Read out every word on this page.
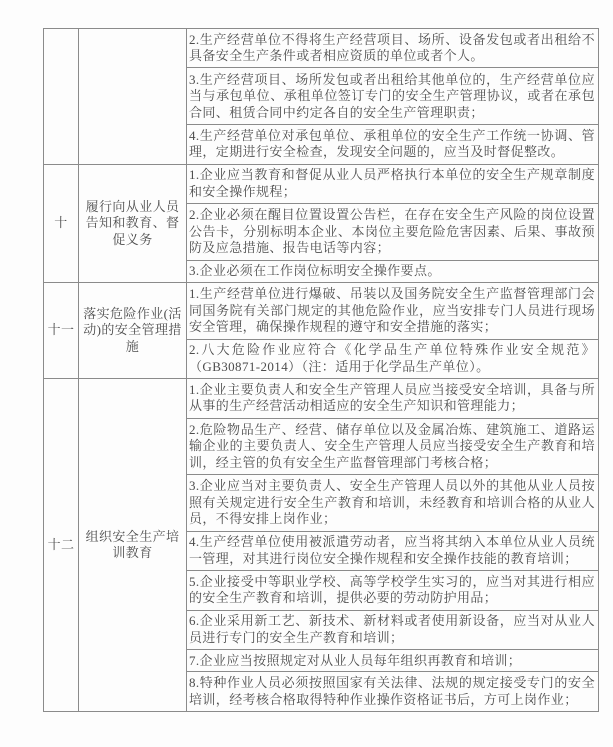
		2.生产经营单位不得将生产经营项目、场所、设备发包或者出租给不具备安全生产条件或者相应资质的单位或者个人。
		3.生产经营项目、场所发包或者出租给其他单位的，生产经营单位应当与承包单位、承租单位签订专门的安全生产管理协议，或者在承包合同、租赁合同中约定各自的安全生产管理职责；
		4.生产经营单位对承包单位、承租单位的安全生产工作统一协调、管理，定期进行安全检查，发现安全问题的，应当及时督促整改。
十	履行向从业人员告知和教育、督促义务	1.企业应当教育和督促从业人员严格执行本单位的安全生产规章制度和安全操作规程；
		2.企业必须在醒目位置设置公告栏，在存在安全生产风险的岗位设置公告卡，分别标明本企业、本岗位主要危险危害因素、后果、事故预防及应急措施、报告电话等内容；
		3.企业必须在工作岗位标明安全操作要点。
十一	落实危险作业(活动)的安全管理措施	1.生产经营单位进行爆破、吊装以及国务院安全生产监督管理部门会同国务院有关部门规定的其他危险作业，应当安排专门人员进行现场安全管理，确保操作规程的遵守和安全措施的落实；
		2.八大危险作业应符合《化学品生产单位特殊作业安全规范》（GB30871-2014）（注：适用于化学品生产单位）。
十二	组织安全生产培训教育	1.企业主要负责人和安全生产管理人员应当接受安全培训，具备与所从事的生产经营活动相适应的安全生产知识和管理能力；
		2.危险物品生产、经营、储存单位以及金属冶炼、建筑施工、道路运输企业的主要负责人、安全生产管理人员应当接受安全生产教育和培训，经主管的负有安全生产监督管理部门考核合格；
		3.企业应当对主要负责人、安全生产管理人员以外的其他从业人员按照有关规定进行安全生产教育和培训，未经教育和培训合格的从业人员，不得安排上岗作业；
		4.生产经营单位使用被派遣劳动者，应当将其纳入本单位从业人员统一管理，对其进行岗位安全操作规程和安全操作技能的教育培训；
		5.企业接受中等职业学校、高等学校学生实习的，应当对其进行相应的安全生产教育和培训，提供必要的劳动防护用品；
		6.企业采用新工艺、新技术、新材料或者使用新设备，应当对从业人员进行专门的安全生产教育和培训；
		7.企业应当按照规定对从业人员每年组织再教育和培训；
		8.特种作业人员必须按照国家有关法律、法规的规定接受专门的安全培训，经考核合格取得特种作业操作资格证书后，方可上岗作业；
